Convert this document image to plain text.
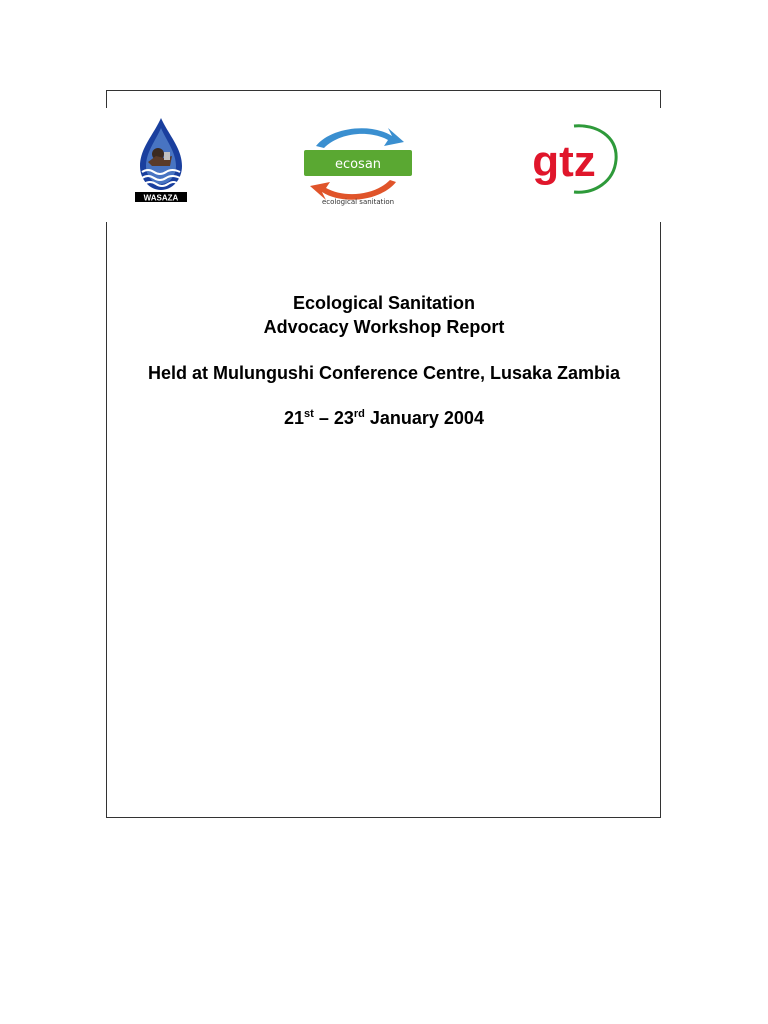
WASAZA
ecosan
ecological sanitation
gtz
Ecological Sanitation
Advocacy Workshop Report
Held at Mulungushi Conference Centre, Lusaka Zambia
21st – 23rd January 2004
